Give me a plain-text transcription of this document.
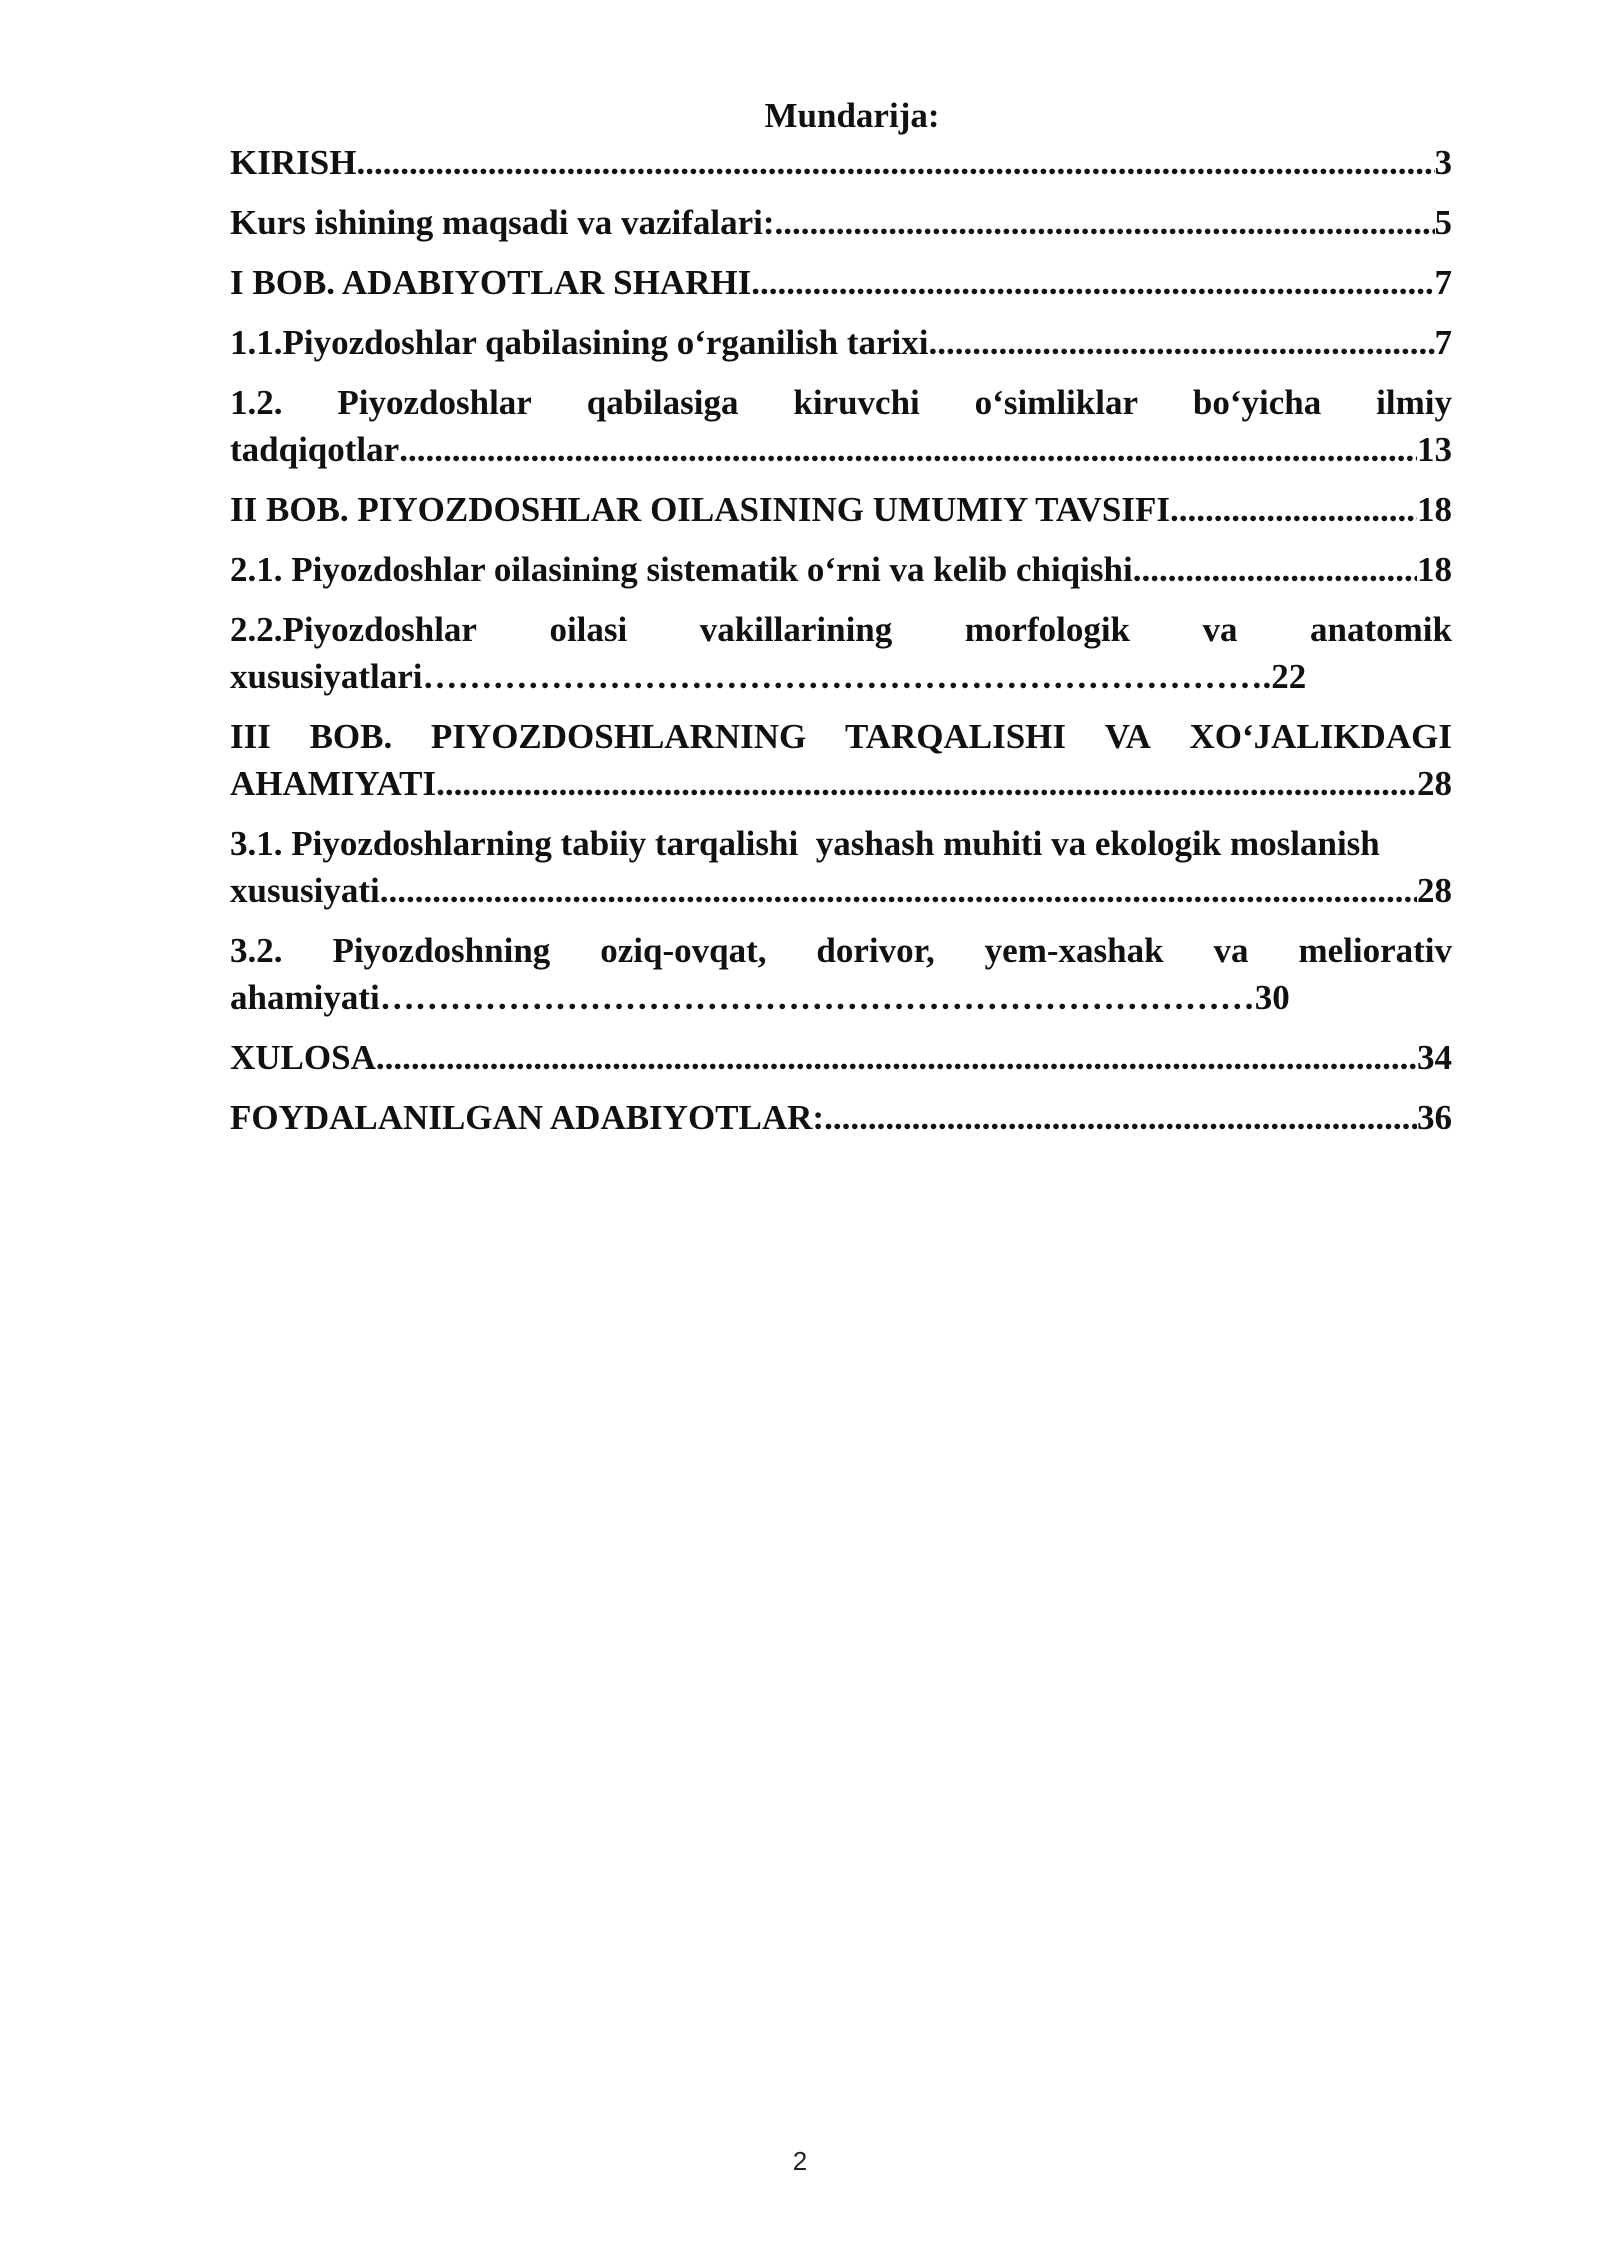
Mundarija:
KIRISH .....	3
Kurs ishining maqsadi va vazifalari: .....	5
I BOB. ADABIYOTLAR SHARHI .....	7
1.1.Piyozdoshlar qabilasining o‘rganilish tarixi .....	7
1.2. Piyozdoshlar qabilasiga kiruvchi o‘simliklar bo‘yicha ilmiy
tadqiqotlar .....	13
II BOB. PIYOZDOSHLAR OILASINING UMUMIY TAVSIFI .....	18
2.1. Piyozdoshlar oilasining sistematik o‘rni va kelib chiqishi .....	18
2.2.Piyozdoshlar oilasi vakillarining morfologik va anatomik
xususiyatlari……………………………………………………………….22
III BOB. PIYOZDOSHLARNING TARQALISHI VA XO‘JALIKDAGI
AHAMIYATI .....	28
3.1. Piyozdoshlarning tabiiy tarqalishi  yashash muhiti va ekologik moslanish
xususiyati .....	28
3.2. Piyozdoshning oziq-ovqat, dorivor, yem-xashak va meliorativ
ahamiyati…………………………………………………………………30
XULOSA .....	34
FOYDALANILGAN ADABIYOTLAR: .....	36
2
